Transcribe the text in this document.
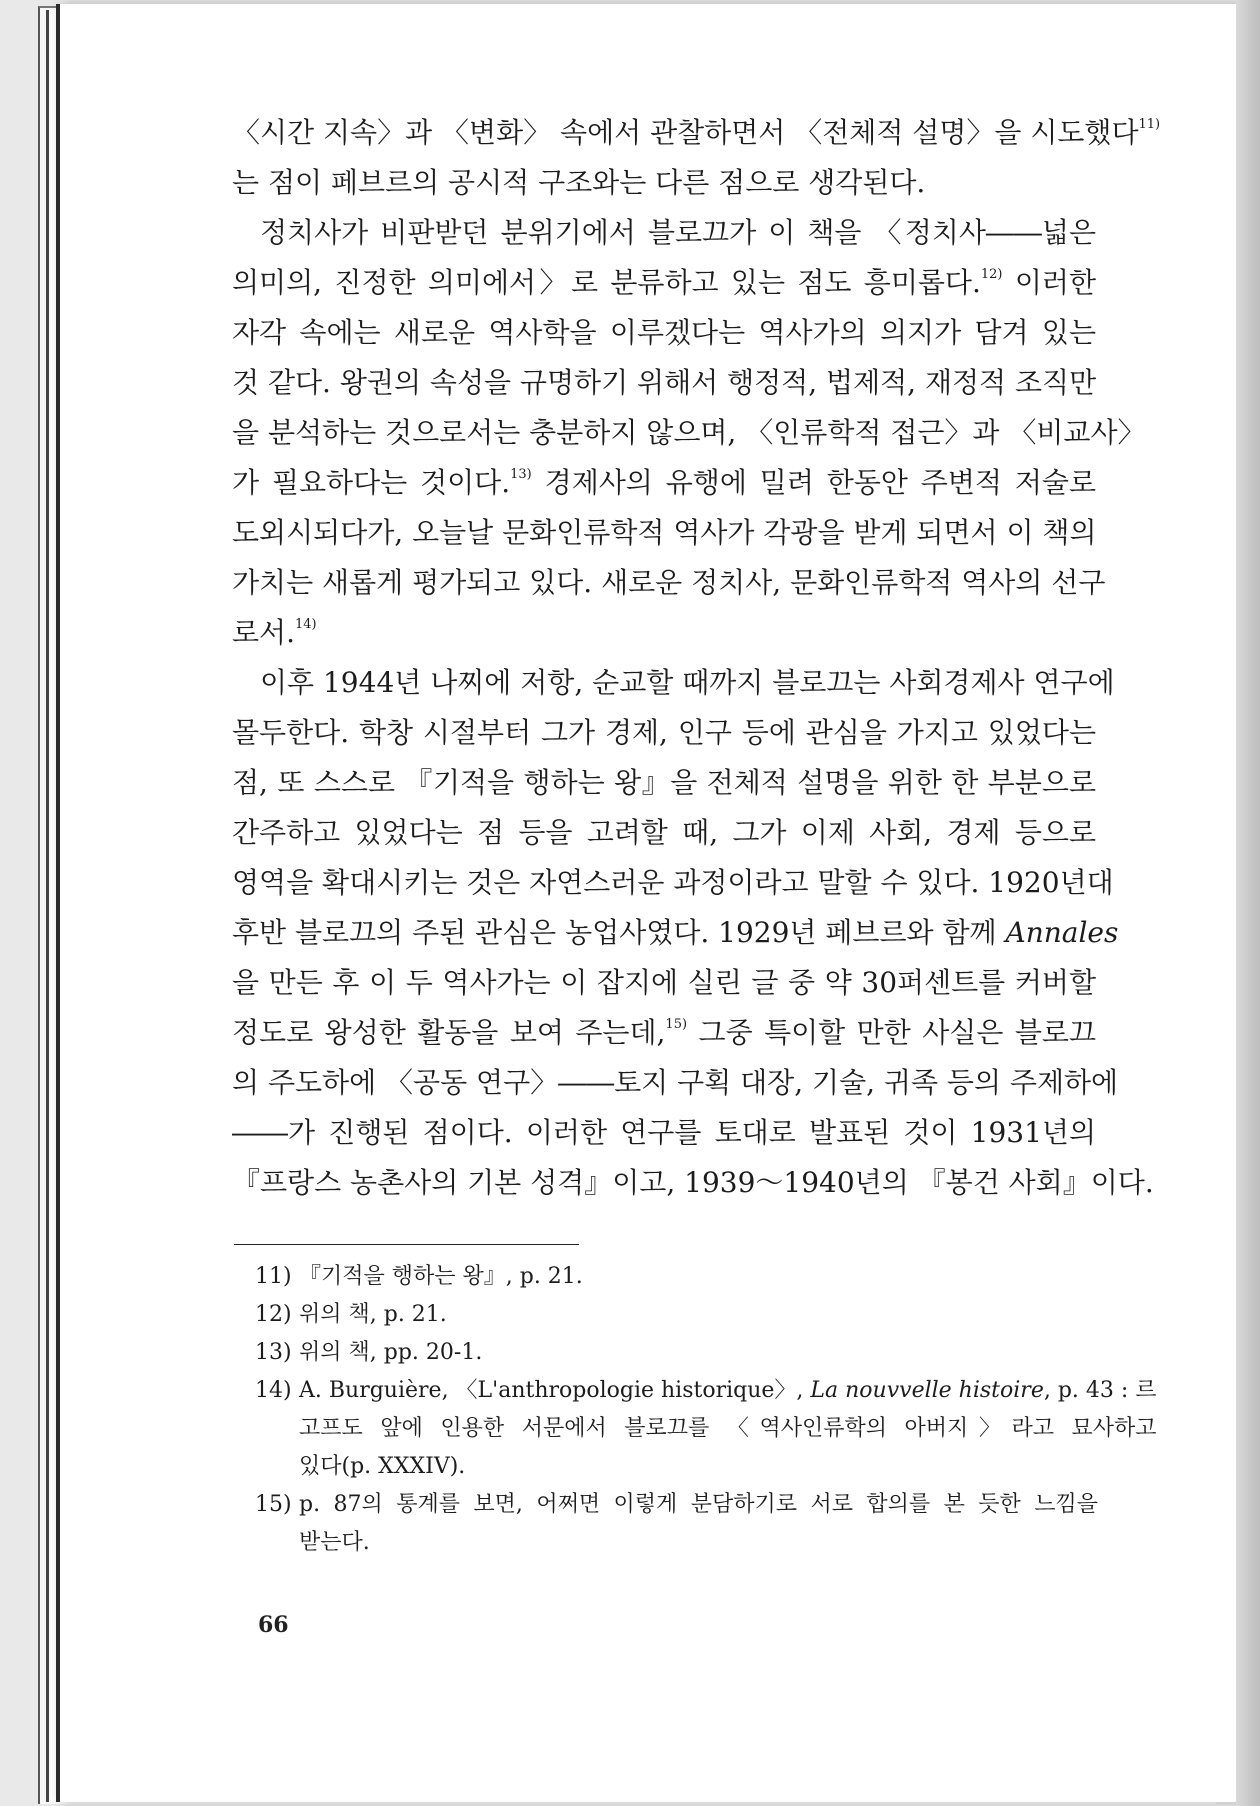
〈시간 지속〉과 〈변화〉 속에서 관찰하면서 〈전체적 설명〉을 시도했다$^{11)}$
는 점이 페브르의 공시적 구조와는 다른 점으로 생각된다.
정치사가 비판받던 분위기에서 블로끄가 이 책을 〈정치사――넓은
의미의, 진정한 의미에서〉로 분류하고 있는 점도 흥미롭다.$^{12)}$ 이러한
자각 속에는 새로운 역사학을 이루겠다는 역사가의 의지가 담겨 있는
것 같다. 왕권의 속성을 규명하기 위해서 행정적, 법제적, 재정적 조직만
을 분석하는 것으로서는 충분하지 않으며, 〈인류학적 접근〉과 〈비교사〉
가 필요하다는 것이다.$^{13)}$ 경제사의 유행에 밀려 한동안 주변적 저술로
도외시되다가, 오늘날 문화인류학적 역사가 각광을 받게 되면서 이 책의
가치는 새롭게 평가되고 있다. 새로운 정치사, 문화인류학적 역사의 선구
로서.$^{14)}$
이후 1944년 나찌에 저항, 순교할 때까지 블로끄는 사회경제사 연구에
몰두한다. 학창 시절부터 그가 경제, 인구 등에 관심을 가지고 있었다는
점, 또 스스로 『기적을 행하는 왕』을 전체적 설명을 위한 한 부분으로
간주하고 있었다는 점 등을 고려할 때, 그가 이제 사회, 경제 등으로
영역을 확대시키는 것은 자연스러운 과정이라고 말할 수 있다. 1920년대
후반 블로끄의 주된 관심은 농업사였다. 1929년 페브르와 함께 Annales
을 만든 후 이 두 역사가는 이 잡지에 실린 글 중 약 30퍼센트를 커버할
정도로 왕성한 활동을 보여 주는데,$^{15)}$ 그중 특이할 만한 사실은 블로끄
의 주도하에 〈공동 연구〉――토지 구획 대장, 기술, 귀족 등의 주제하에
――가 진행된 점이다. 이러한 연구를 토대로 발표된 것이 1931년의
『프랑스 농촌사의 기본 성격』이고, 1939～1940년의 『봉건 사회』이다.
11) 『기적을 행하는 왕』, p. 21.
12) 위의 책, p. 21.
13) 위의 책, pp. 20-1.
14) A. Burguière, 〈L'anthropologie historique〉, La nouvvelle histoire, p. 43 : 르
고프도 앞에 인용한 서문에서 블로끄를 〈역사인류학의 아버지〉라고 묘사하고
있다(p. XXXIV).
15) p. 87의 통계를 보면, 어쩌면 이렇게 분담하기로 서로 합의를 본 듯한 느낌을
받는다.
66
